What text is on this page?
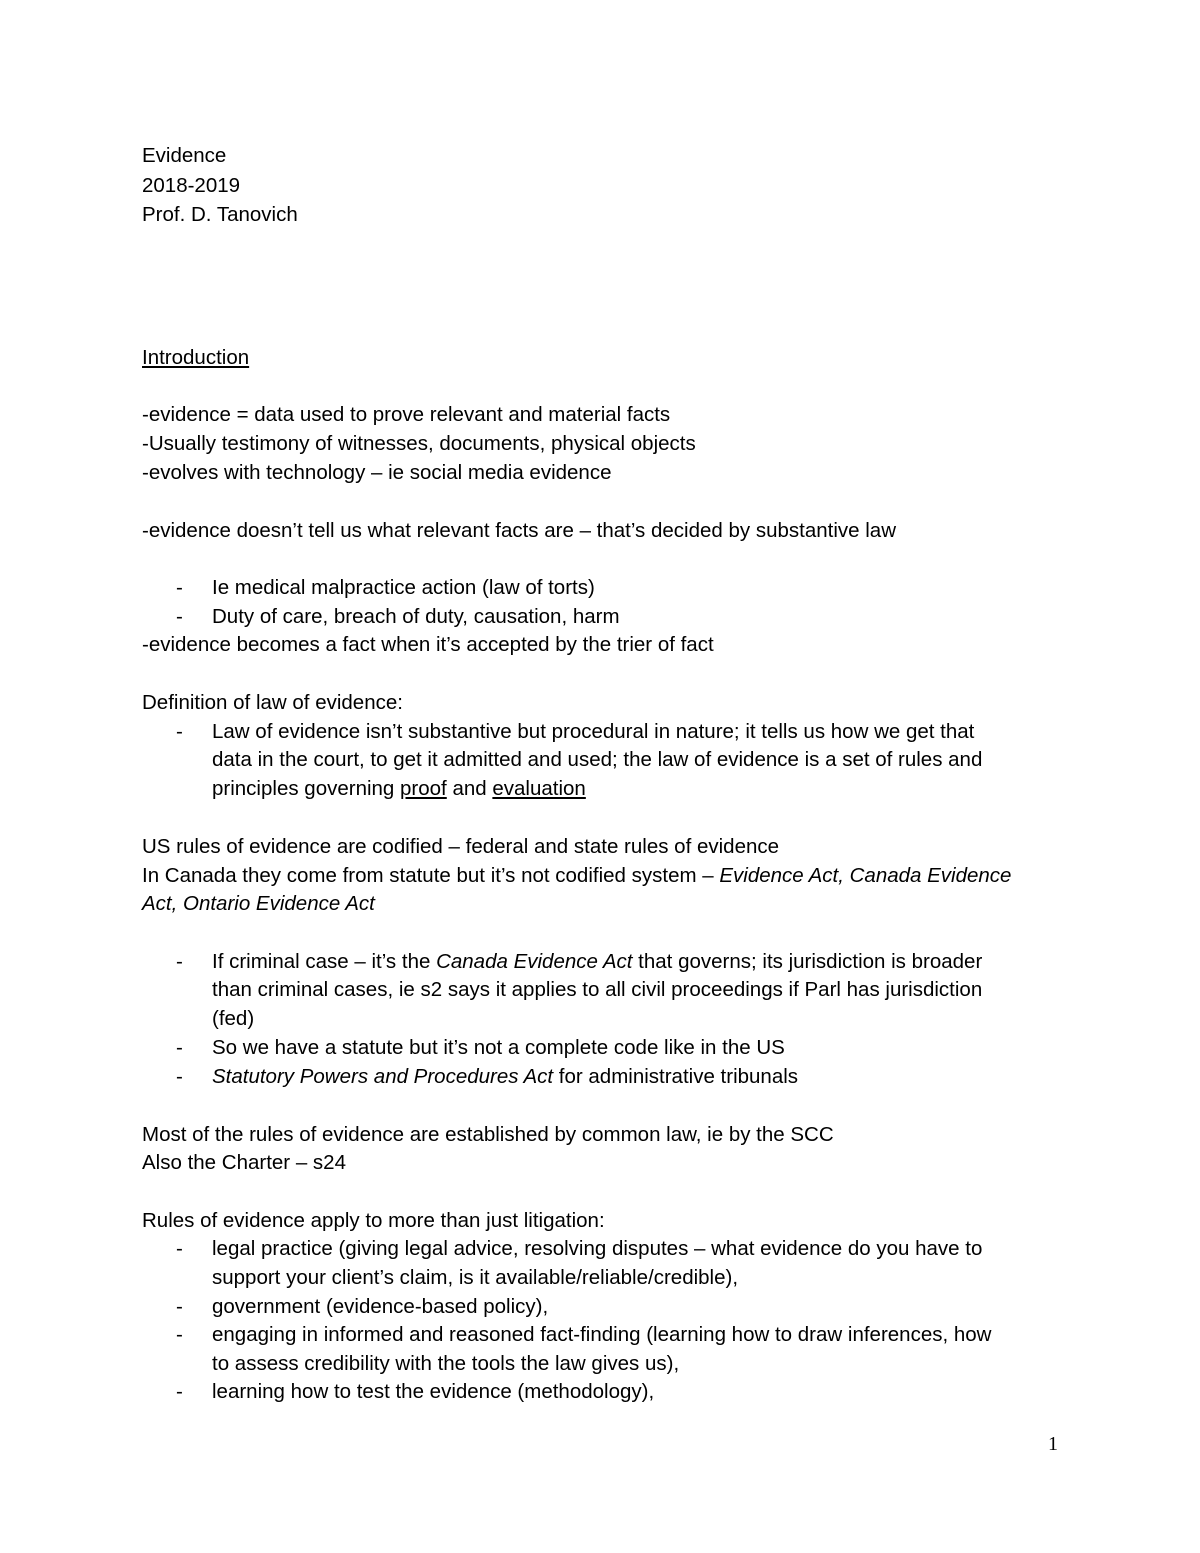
Evidence
2018-2019
Prof. D. Tanovich
Introduction
-evidence = data used to prove relevant and material facts
-Usually testimony of witnesses, documents, physical objects
-evolves with technology – ie social media evidence
-evidence doesn’t tell us what relevant facts are – that’s decided by substantive law
- Ie medical malpractice action (law of torts)
- Duty of care, breach of duty, causation, harm
-evidence becomes a fact when it’s accepted by the trier of fact
Definition of law of evidence:
- Law of evidence isn’t substantive but procedural in nature; it tells us how we get that
data in the court, to get it admitted and used; the law of evidence is a set of rules and
principles governing proof and evaluation
US rules of evidence are codified – federal and state rules of evidence
In Canada they come from statute but it’s not codified system – Evidence Act, Canada Evidence
Act, Ontario Evidence Act
- If criminal case – it’s the Canada Evidence Act that governs; its jurisdiction is broader
than criminal cases, ie s2 says it applies to all civil proceedings if Parl has jurisdiction
(fed)
- So we have a statute but it’s not a complete code like in the US
- Statutory Powers and Procedures Act for administrative tribunals
Most of the rules of evidence are established by common law, ie by the SCC
Also the Charter – s24
Rules of evidence apply to more than just litigation:
- legal practice (giving legal advice, resolving disputes – what evidence do you have to
support your client’s claim, is it available/reliable/credible),
- government (evidence-based policy),
- engaging in informed and reasoned fact-finding (learning how to draw inferences, how
to assess credibility with the tools the law gives us),
- learning how to test the evidence (methodology),
1
